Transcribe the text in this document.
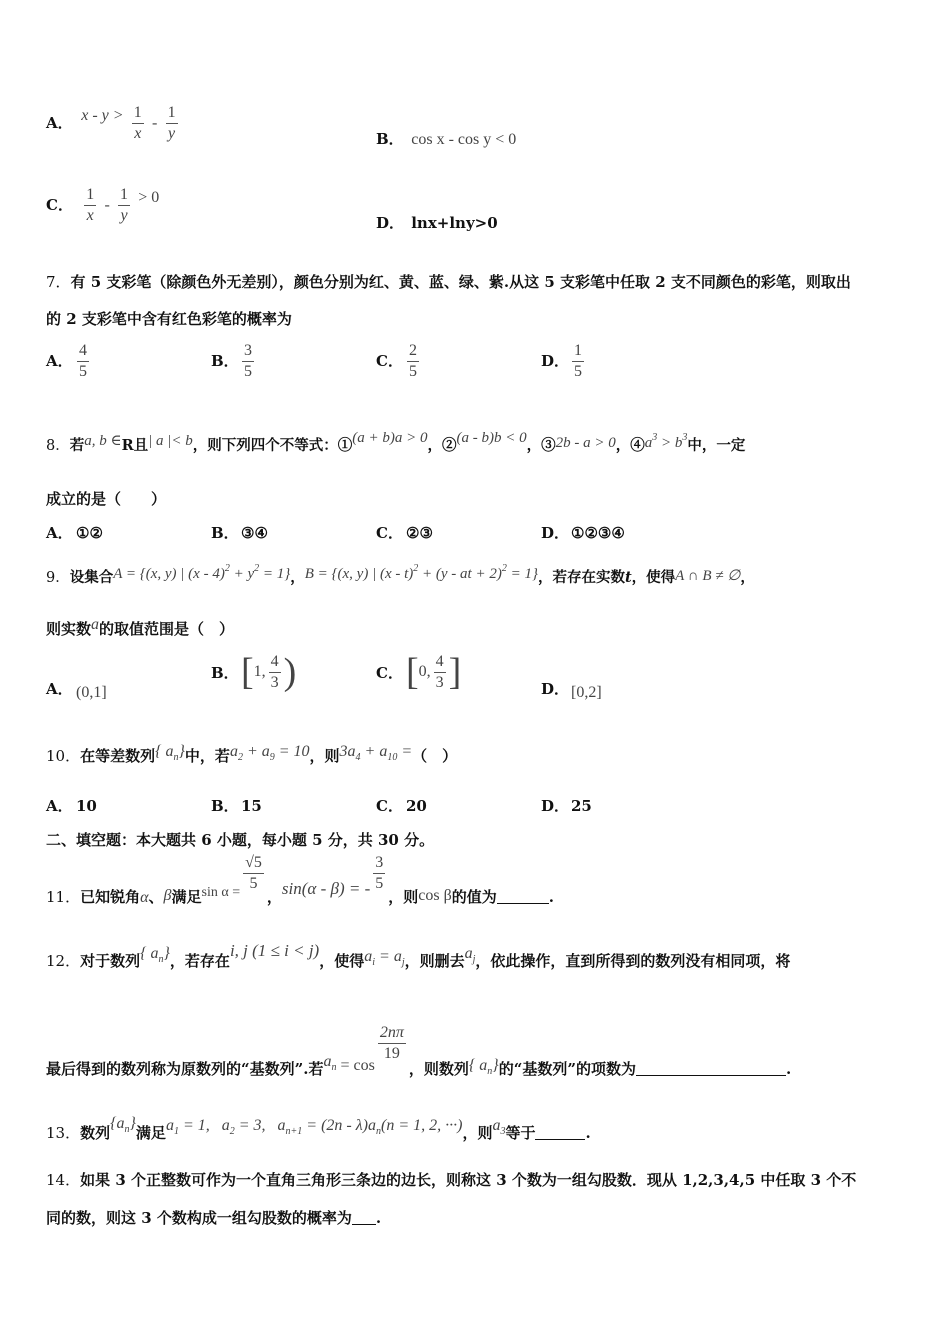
A． $x - y > \frac{1}{x} - \frac{1}{y}$	B． cos x - cos y < 0
C． $\frac{1}{x} - \frac{1}{y} > 0$
D． lnx+lny>0
7．有 5 支彩笔（除颜色外无差别），颜色分别为红、黄、蓝、绿、紫.从这 5 支彩笔中任取 2 支不同颜色的彩笔，则取出
的 2 支彩笔中含有红色彩笔的概率为
A． $\frac{4}{5}$	B． $\frac{3}{5}$	C． $\frac{2}{5}$	D． $\frac{1}{5}$
8．若a, b ∈R且| a |< b，则下列四个不等式：①(a + b)a > 0，②(a - b)b < 0，③2b - a > 0，$④a^3 > b^3$中，一定
成立的是（　　）
A． ①②	B． ③④	C． ②③	D． ①②③④
9．设集合A = {(x, y) | $(x - 4)^2 + y^2 = 1$}，B = {(x, y) | (x - t)$^2$ + (y - at + 2)$^2$ = 1}，若存在实数t，使得A ∩ B ≠ ∅，
则实数a的取值范围是（　）
A． (0,1]
B．[1, $\frac{4}{3}$ )	C．[0, $\frac{4}{3}$ ]	D． [0,2]
10．在等差数列{ $a_n$}中，若$a_2 + a_9 = 10$，则$3a_4 + a_{10}$ =（　）
A． 10	B． 15	C． 20	D． 25
二、填空题：本大题共 6 小题，每小题 5 分，共 30 分。
11．已知锐角α、β满足$\sin \alpha = \frac{√5}{5}$
，sin(α - β) = - $\frac{3}{5}$
，则cos β的值为	.
12．对于数列{ $a_n$}，若存在i, j (1 ≤ i < j)，使得$a_i = a_j$，则删去$a_j$，依此操作，直到所得到的数列没有相同项，将
最后得到的数列称为原数列的“基数列”.若$a_n = \cos$
$\frac{2n\pi}{19}$
，则数列{ $a_n$}的“基数列”的项数为	.
13．数列$\{a_n\}$满足$a_1 = 1$, $a_2 = 3$, $a_{n+1} = (2n - \lambda)a_n(n = 1$, 2, ···)，则$a_3$等于	.
14．如果 3 个正整数可作为一个直角三角形三条边的边长，则称这 3 个数为一组勾股数．现从 1,2,3,4,5 中任取 3 个不
同的数，则这 3 个数构成一组勾股数的概率为 .
